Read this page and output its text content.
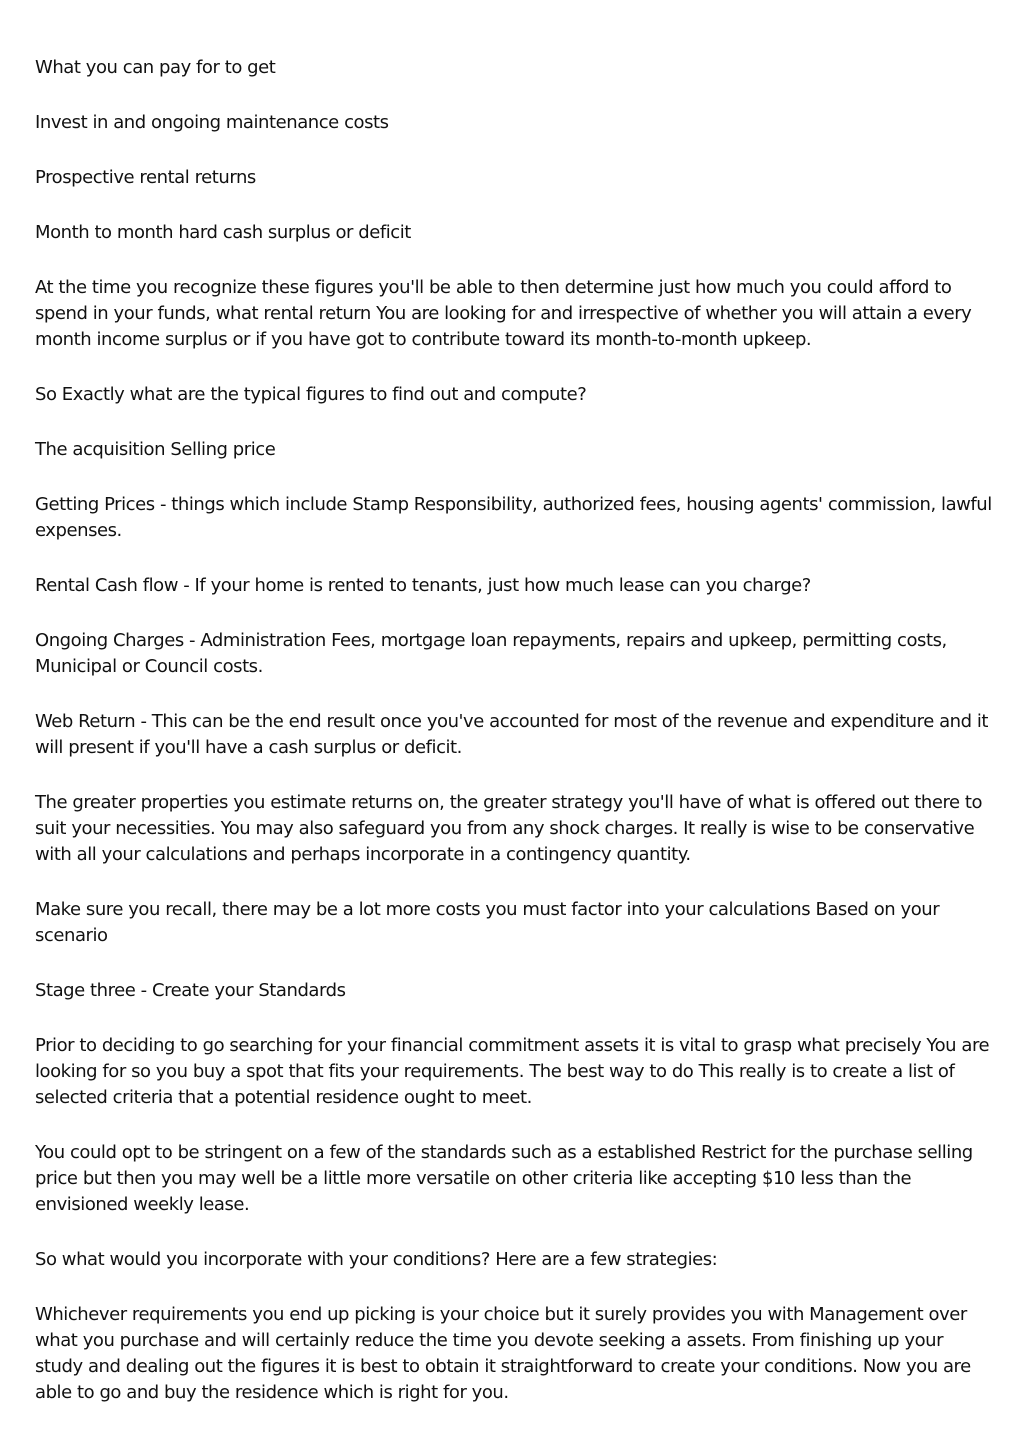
What you can pay for to get

Invest in and ongoing maintenance costs

Prospective rental returns

Month to month hard cash surplus or deficit

At the time you recognize these figures you'll be able to then determine just how much you could afford to spend in your funds, what rental return You are looking for and irrespective of whether you will attain a every month income surplus or if you have got to contribute toward its month-to-month upkeep.

So Exactly what are the typical figures to find out and compute?

The acquisition Selling price

Getting Prices - things which include Stamp Responsibility, authorized fees, housing agents' commission, lawful expenses.

Rental Cash flow - If your home is rented to tenants, just how much lease can you charge?

Ongoing Charges - Administration Fees, mortgage loan repayments, repairs and upkeep, permitting costs, Municipal or Council costs.

Web Return - This can be the end result once you've accounted for most of the revenue and expenditure and it will present if you'll have a cash surplus or deficit.

The greater properties you estimate returns on, the greater strategy you'll have of what is offered out there to suit your necessities. You may also safeguard you from any shock charges. It really is wise to be conservative with all your calculations and perhaps incorporate in a contingency quantity.

Make sure you recall, there may be a lot more costs you must factor into your calculations Based on your scenario

Stage three - Create your Standards

Prior to deciding to go searching for your financial commitment assets it is vital to grasp what precisely You are looking for so you buy a spot that fits your requirements. The best way to do This really is to create a list of selected criteria that a potential residence ought to meet.

You could opt to be stringent on a few of the standards such as a established Restrict for the purchase selling price but then you may well be a little more versatile on other criteria like accepting $10 less than the envisioned weekly lease.

So what would you incorporate with your conditions? Here are a few strategies:

Whichever requirements you end up picking is your choice but it surely provides you with Management over what you purchase and will certainly reduce the time you devote seeking a assets. From finishing up your study and dealing out the figures it is best to obtain it straightforward to create your conditions. Now you are able to go and buy the residence which is right for you.
